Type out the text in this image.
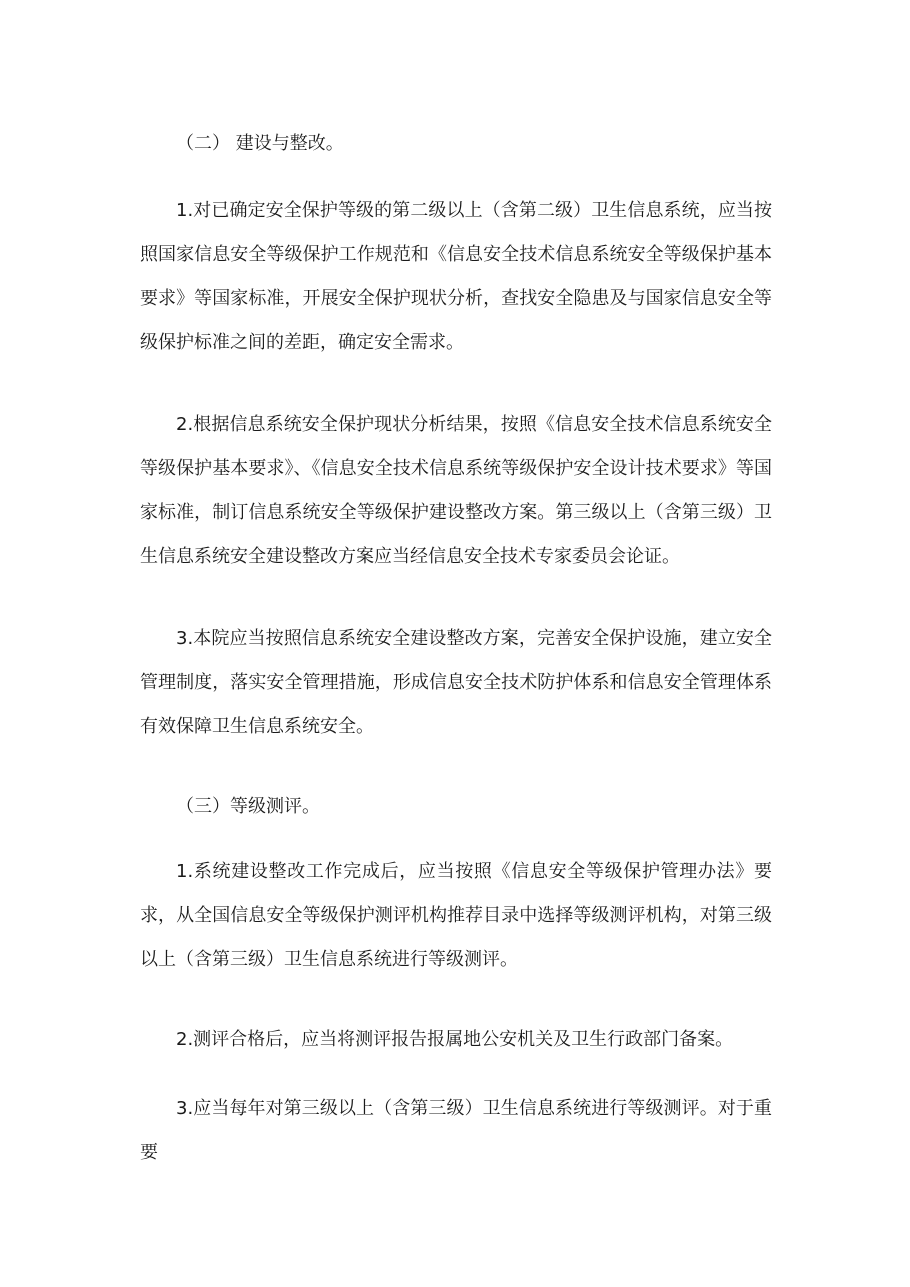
（二） 建设与整改。
1.对已确定安全保护等级的第二级以上（含第二级）卫生信息系统，应当按照国家信息安全等级保护工作规范和《信息安全技术信息系统安全等级保护基本要求》等国家标准，开展安全保护现状分析，查找安全隐患及与国家信息安全等级保护标准之间的差距，确定安全需求。
2.根据信息系统安全保护现状分析结果，按照《信息安全技术信息系统安全等级保护基本要求》、《信息安全技术信息系统等级保护安全设计技术要求》等国家标准，制订信息系统安全等级保护建设整改方案。第三级以上（含第三级）卫生信息系统安全建设整改方案应当经信息安全技术专家委员会论证。
3.本院应当按照信息系统安全建设整改方案，完善安全保护设施，建立安全管理制度，落实安全管理措施，形成信息安全技术防护体系和信息安全管理体系有效保障卫生信息系统安全。
（三）等级测评。
1.系统建设整改工作完成后，应当按照《信息安全等级保护管理办法》要求，从全国信息安全等级保护测评机构推荐目录中选择等级测评机构，对第三级以上（含第三级）卫生信息系统进行等级测评。
2.测评合格后，应当将测评报告报属地公安机关及卫生行政部门备案。
3.应当每年对第三级以上（含第三级）卫生信息系统进行等级测评。对于重要
